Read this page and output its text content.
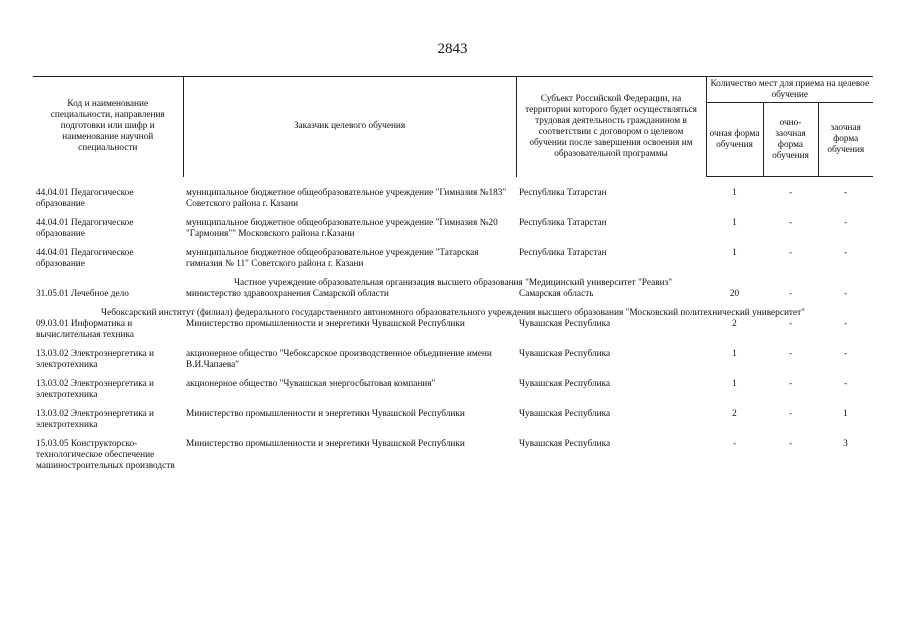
2843
Код и наименование специальности, направления подготовки или шифр и наименование научной специальности	Заказчик целевого обучения	Субъект Российской Федерации, на территории которого будет осуществляться трудовая деятельность гражданином в соответствии с договором о целевом обучении после завершения освоения им образовательной программы	Количество мест для приема на целевое обучение		
			очная форма обучения	очно-заочная форма обучения	заочная форма обучения

44.04.01 Педагогическое образование	муниципальное бюджетное общеобразовательное учреждение "Гимназия №183" Советского района г. Казани	Республика Татарстан	1	-	-
44.04.01 Педагогическое образование	муниципальное бюджетное общеобразовательное учреждение "Гимназия №20 "Гармония"" Московского района г.Казани	Республика Татарстан	1	-	-
44.04.01 Педагогическое образование	муниципальное бюджетное общеобразовательное учреждение "Татарская гимназия № 11" Советского района г. Казани	Республика Татарстан	1	-	-
Частное учреждение образовательная организация высшего образования "Медицинский университет "Реавиз"					
31.05.01 Лечебное дело	министерство здравоохранения Самарской области	Самарская область	20	-	-
Чебоксарский институт (филиал) федерального государственного автономного образовательного учреждения высшего образования "Московский политехнический университет"					
09.03.01 Информатика и вычислительная техника	Министерство промышленности и энергетики Чувашской Республики	Чувашская Республика	2	-	-
13.03.02 Электроэнергетика и электротехника	акционерное общество "Чебоксарское производственное объединение имени В.И.Чапаева"	Чувашская Республика	1	-	-
13.03.02 Электроэнергетика и электротехника	акционерное общество "Чувашская энергосбытовая компания"	Чувашская Республика	1	-	-
13.03.02 Электроэнергетика и электротехника	Министерство промышленности и энергетики Чувашской Республики	Чувашская Республика	2	-	1
15.03.05 Конструкторско-технологическое обеспечение машиностроительных производств	Министерство промышленности и энергетики Чувашской Республики	Чувашская Республика	-	-	3
